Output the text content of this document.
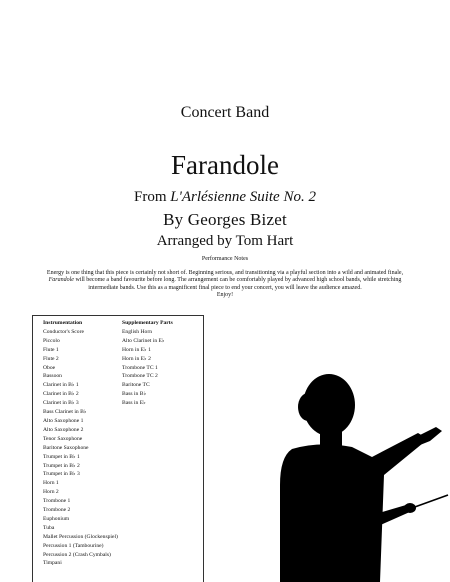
Concert Band
Farandole
From L'Arlésienne Suite No. 2
By Georges Bizet
Arranged by Tom Hart
Performance Notes
Energy is one thing that this piece is certainly not short of. Beginning serious, and transitioning via a playful section into a wild and animated finale, Farandole will become a band favourite before long. The arrangement can be comfortably played by advanced high school bands, while stretching intermediate bands. Use this as a magnificent final piece to end your concert, you will leave the audience amazed.
Enjoy!
Instrumentation
Conductor's Score
Piccolo
Flute 1
Flute 2
Oboe
Bassoon
Clarinet in B♭ 1
Clarinet in B♭ 2
Clarinet in B♭ 3
Bass Clarinet in B♭
Alto Saxophone 1
Alto Saxophone 2
Tenor Saxophone
Baritone Saxophone
Trumpet in B♭ 1
Trumpet in B♭ 2
Trumpet in B♭ 3
Horn 1
Horn 2
Trombone 1
Trombone 2
Euphonium
Tuba
Mallet Percussion (Glockenspiel)
Percussion 1 (Tambourine)
Percussion 2 (Crash Cymbals)
Timpani
Supplementary Parts
English Horn
Alto Clarinet in E♭
Horn in E♭ 1
Horn in E♭ 2
Trombone TC 1
Trombone TC 2
Baritone TC
Bass in B♭
Bass in E♭
